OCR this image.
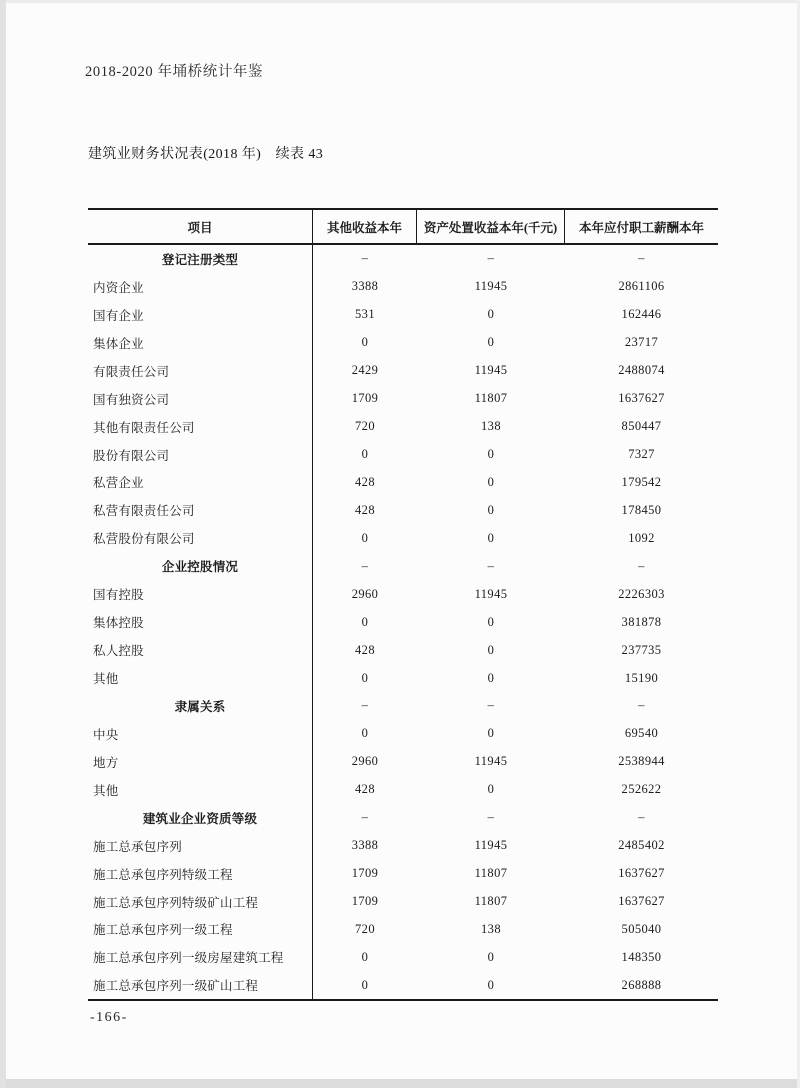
2018-2020 年埇桥统计年鉴
建筑业财务状况表(2018 年)　续表 43
项目	其他收益本年	资产处置收益本年(千元)	本年应付职工薪酬本年
登记注册类型	–	–	–
内资企业	3388	11945	2861106
国有企业	531	0	162446
集体企业	0	0	23717
有限责任公司	2429	11945	2488074
国有独资公司	1709	11807	1637627
其他有限责任公司	720	138	850447
股份有限公司	0	0	7327
私营企业	428	0	179542
私营有限责任公司	428	0	178450
私营股份有限公司	0	0	1092
企业控股情况	–	–	–
国有控股	2960	11945	2226303
集体控股	0	0	381878
私人控股	428	0	237735
其他	0	0	15190
隶属关系	–	–	–
中央	0	0	69540
地方	2960	11945	2538944
其他	428	0	252622
建筑业企业资质等级	–	–	–
施工总承包序列	3388	11945	2485402
施工总承包序列特级工程	1709	11807	1637627
施工总承包序列特级矿山工程	1709	11807	1637627
施工总承包序列一级工程	720	138	505040
施工总承包序列一级房屋建筑工程	0	0	148350
施工总承包序列一级矿山工程	0	0	268888
-166-
